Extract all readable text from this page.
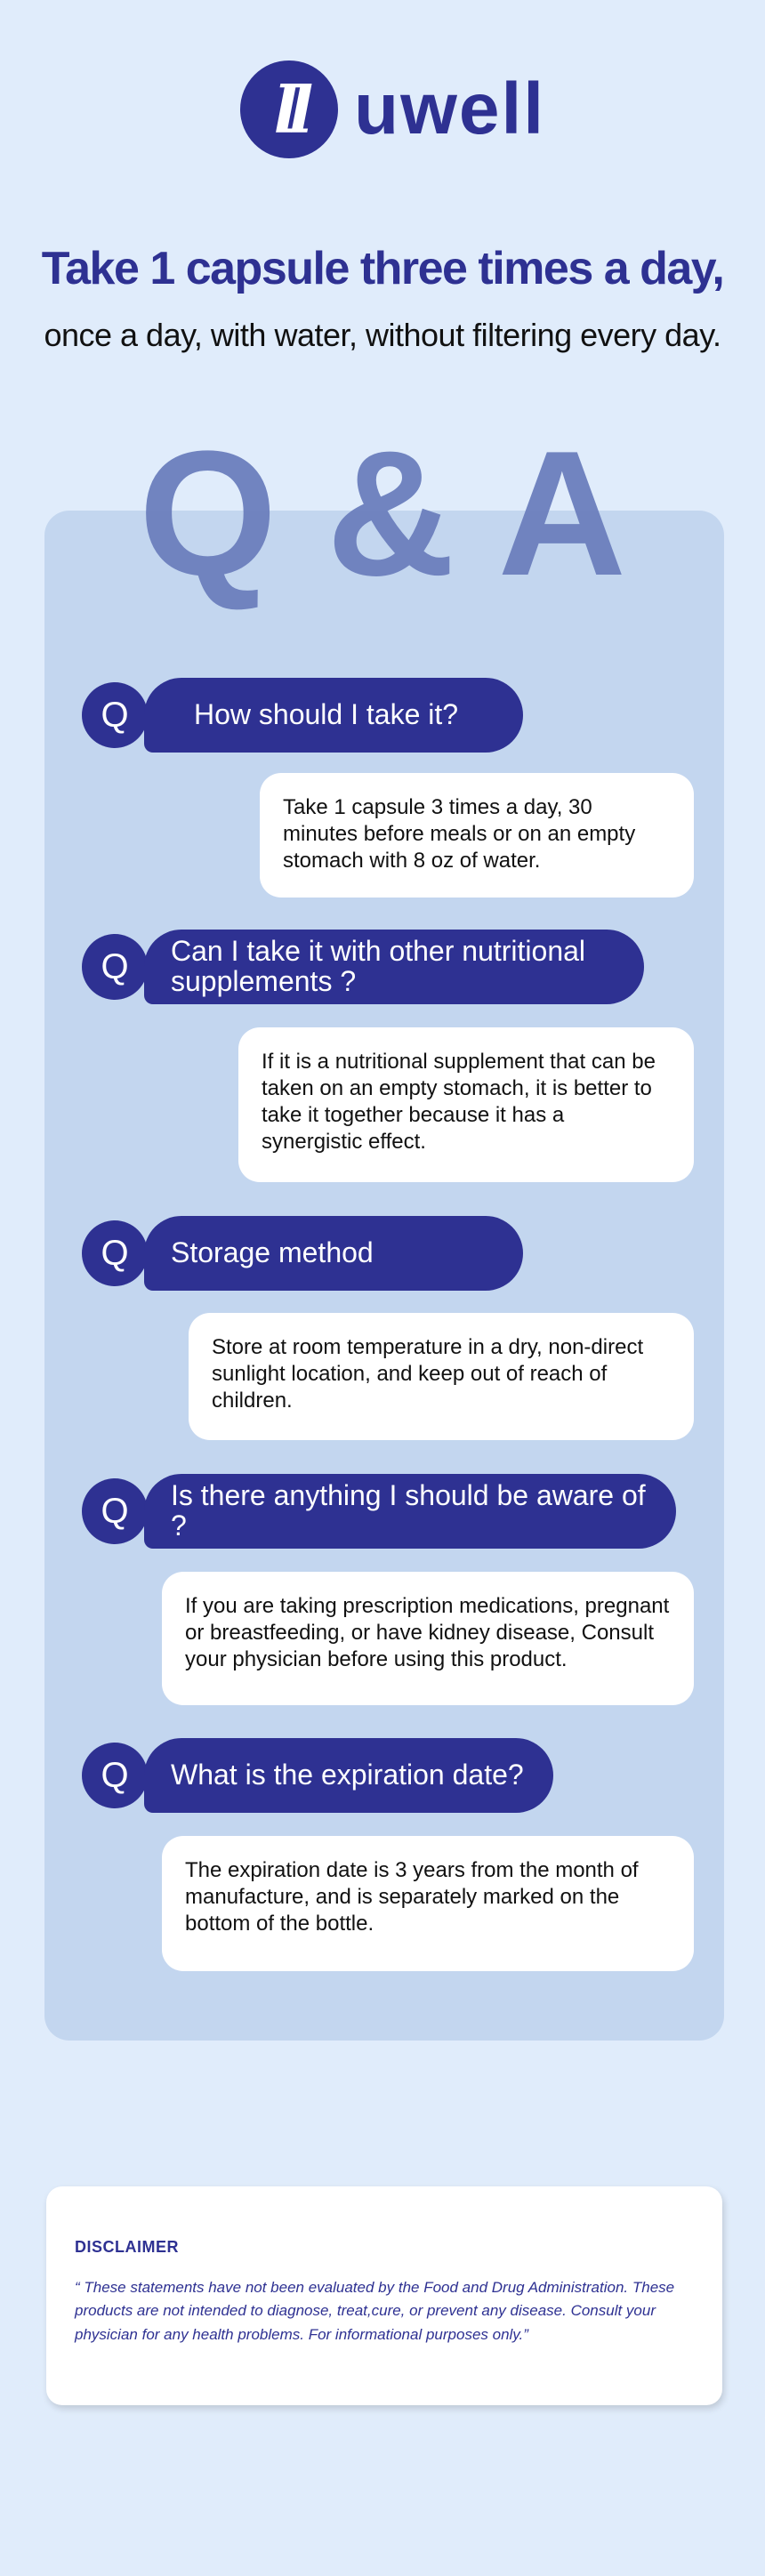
ll uwell
Take 1 capsule three times a day,
once a day, with water, without filtering every day.
Q & A
Q	How should I take it?
Take 1 capsule 3 times a day, 30 minutes before meals or on an empty stomach with 8 oz of water.
Q	Can I take it with other nutritional supplements ?
If it is a nutritional supplement that can be taken on an empty stomach, it is better to take it together because it has a synergistic effect.
Q	Storage method
Store at room temperature in a dry, non-direct sunlight location, and keep out of reach of children.
Q	Is there anything I should be aware of ?
If you are taking prescription medications, pregnant or breastfeeding, or have kidney disease, Consult your physician before using this product.
Q	What is the expiration date?
The expiration date is 3 years from the month of manufacture, and is separately marked on the bottom of the bottle.
DISCLAIMER
“ These statements have not been evaluated by the Food and Drug Administration. These products are not intended to diagnose, treat,cure, or prevent any disease. Consult your physician for any health problems. For informational purposes only.”
